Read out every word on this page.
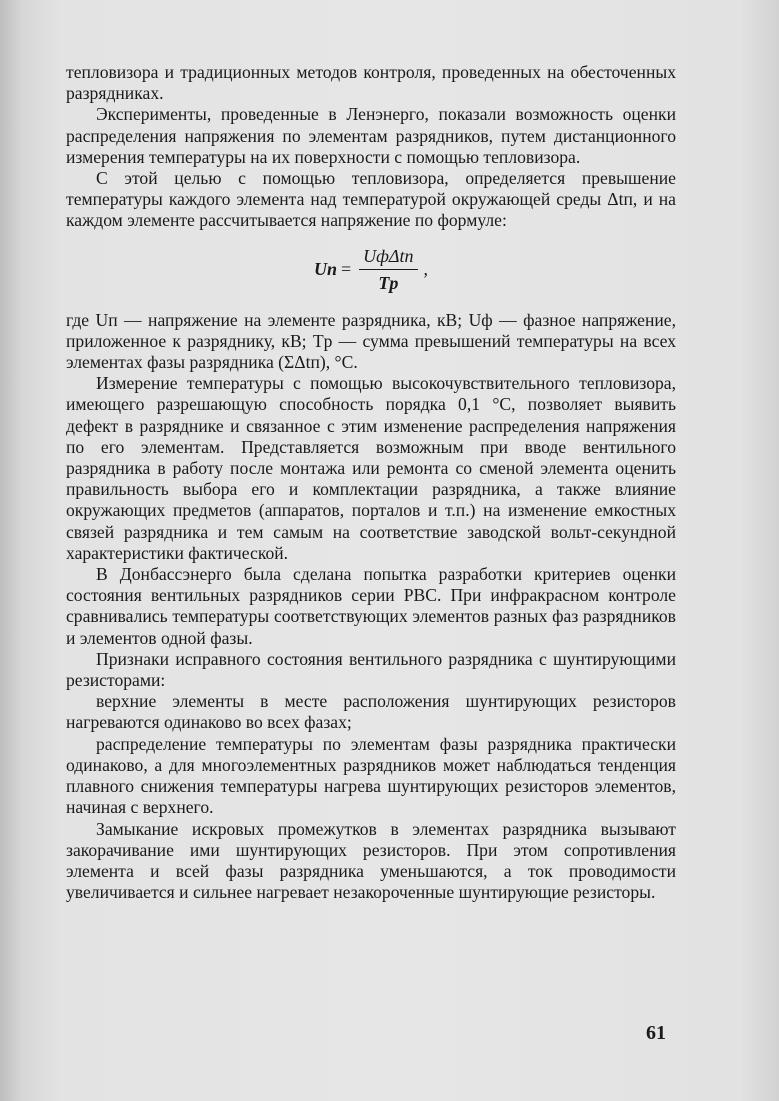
тепловизора и традиционных методов контроля, проведенных на обесточенных разрядниках.

Эксперименты, проведенные в Ленэнерго, показали возможность оценки распределения напряжения по элементам разрядников, путем дистанционного измерения температуры на их поверхности с помощью тепловизора.

С этой целью с помощью тепловизора, определяется превышение температуры каждого элемента над температурой окружающей среды Δtп, и на каждом элементе рассчитывается напряжение по формуле:

Uп = $\frac{\text{UфΔtп}}{Tр}$ ,

где Uп — напряжение на элементе разрядника, кВ; Uф — фазное напряжение, приложенное к разряднику, кВ; Tр — сумма превышений температуры на всех элементах фазы разрядника (ΣΔtп), °С.

Измерение температуры с помощью высокочувствительного тепловизора, имеющего разрешающую способность порядка 0,1 °С, позволяет выявить дефект в разряднике и связанное с этим изменение распределения напряжения по его элементам. Представляется возможным при вводе вентильного разрядника в работу после монтажа или ремонта со сменой элемента оценить правильность выбора его и комплектации разрядника, а также влияние окружающих предметов (аппаратов, порталов и т.п.) на изменение емкостных связей разрядника и тем самым на соответствие заводской вольт-секундной характеристики фактической.

В Донбассэнерго была сделана попытка разработки критериев оценки состояния вентильных разрядников серии РВС. При инфракрасном контроле сравнивались температуры соответствующих элементов разных фаз разрядников и элементов одной фазы.

Признаки исправного состояния вентильного разрядника с шунтирующими резисторами:

верхние элементы в месте расположения шунтирующих резисторов нагреваются одинаково во всех фазах;

распределение температуры по элементам фазы разрядника практически одинаково, а для многоэлементных разрядников может наблюдаться тенденция плавного снижения температуры нагрева шунтирующих резисторов элементов, начиная с верхнего.

Замыкание искровых промежутков в элементах разрядника вызывают закорачивание ими шунтирующих резисторов. При этом сопротивления элемента и всей фазы разрядника уменьшаются, а ток проводимости увеличивается и сильнее нагревает незакороченные шунтирующие резисторы.

61
